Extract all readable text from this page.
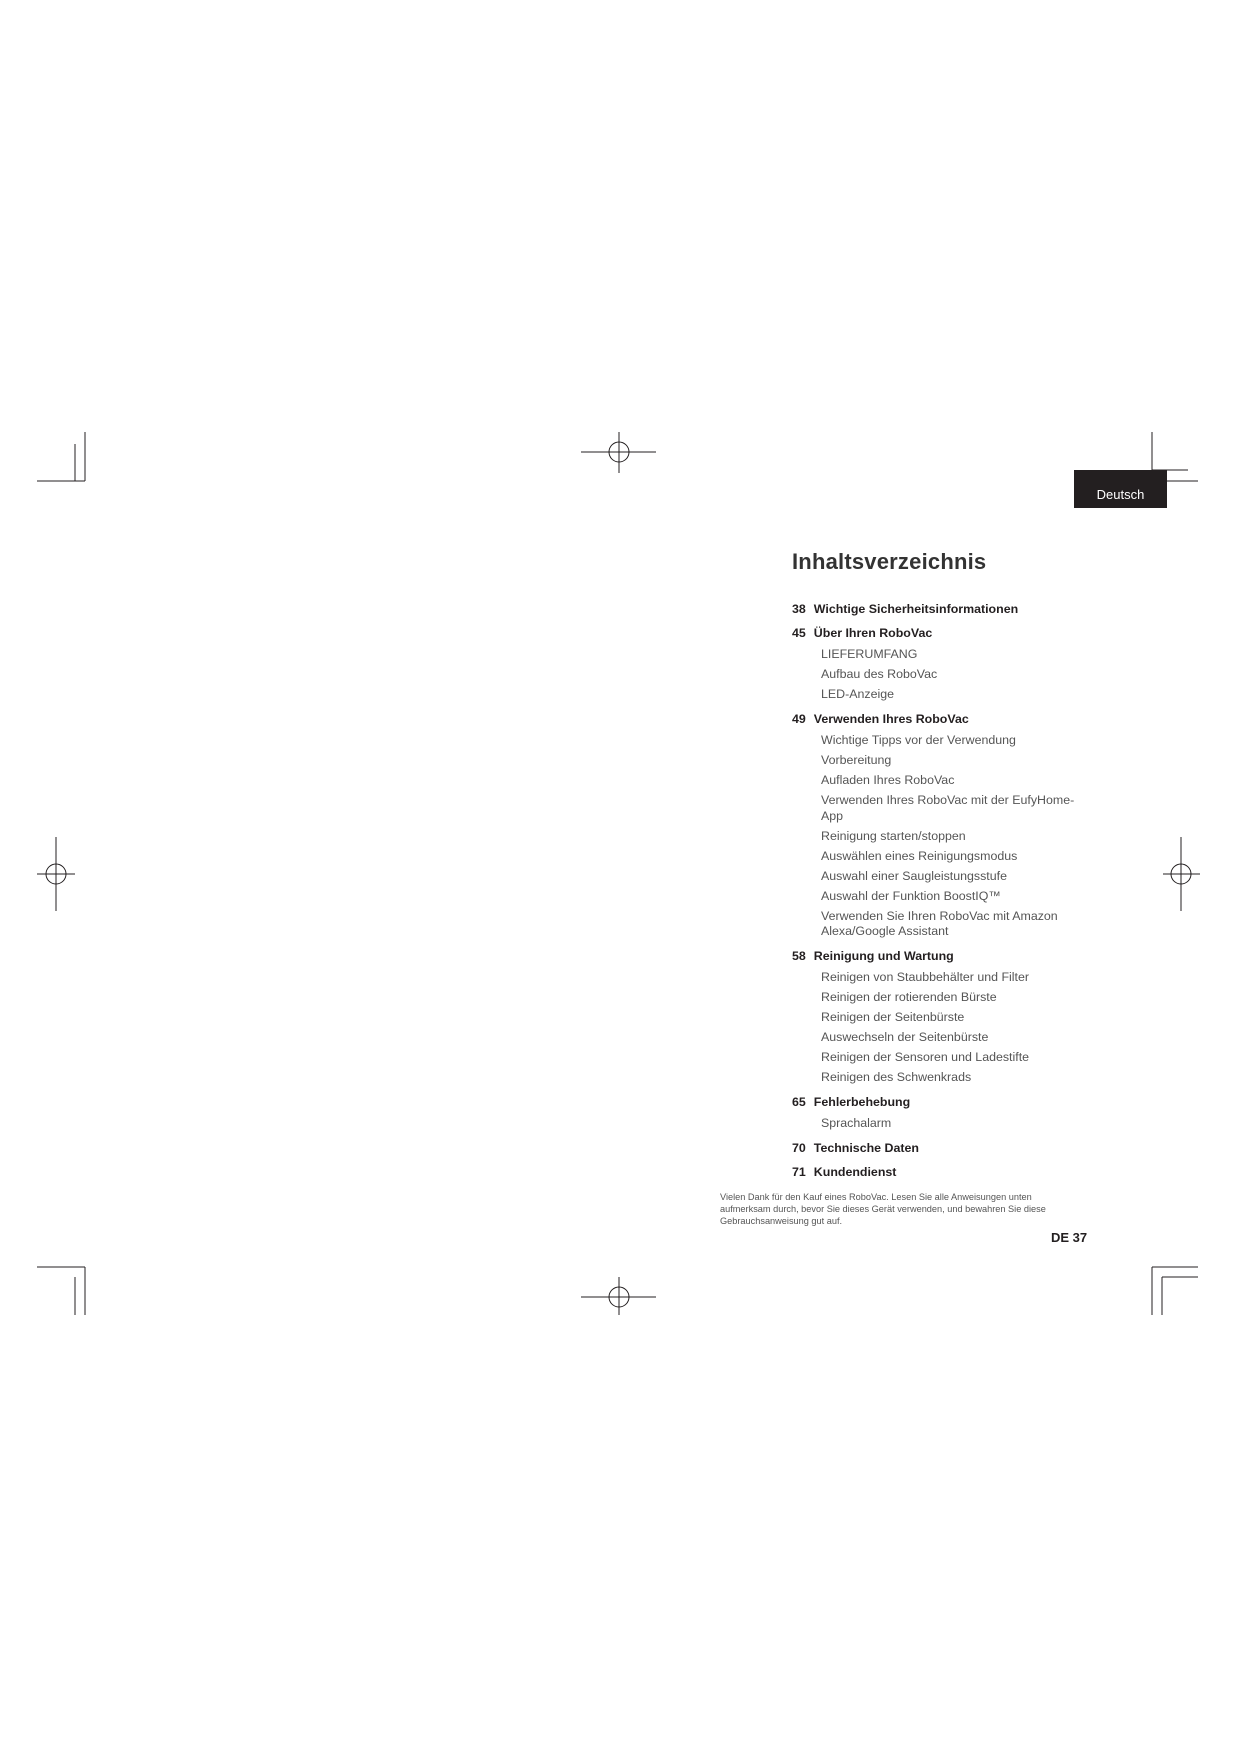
Deutsch
Inhaltsverzeichnis
38 Wichtige Sicherheitsinformationen
45 Über Ihren RoboVac
LIEFERUMFANG
Aufbau des RoboVac
LED-Anzeige
49 Verwenden Ihres RoboVac
Wichtige Tipps vor der Verwendung
Vorbereitung
Aufladen Ihres RoboVac
Verwenden Ihres RoboVac mit der EufyHome-App
Reinigung starten/stoppen
Auswählen eines Reinigungsmodus
Auswahl einer Saugleistungsstufe
Auswahl der Funktion BoostIQ™
Verwenden Sie Ihren RoboVac mit Amazon Alexa/Google Assistant
58 Reinigung und Wartung
Reinigen von Staubbehälter und Filter
Reinigen der rotierenden Bürste
Reinigen der Seitenbürste
Auswechseln der Seitenbürste
Reinigen der Sensoren und Ladestifte
Reinigen des Schwenkrads
65 Fehlerbehebung
Sprachalarm
70 Technische Daten
71 Kundendienst
Vielen Dank für den Kauf eines RoboVac. Lesen Sie alle Anweisungen unten aufmerksam durch, bevor Sie dieses Gerät verwenden, und bewahren Sie diese Gebrauchsanweisung gut auf.
DE 37
